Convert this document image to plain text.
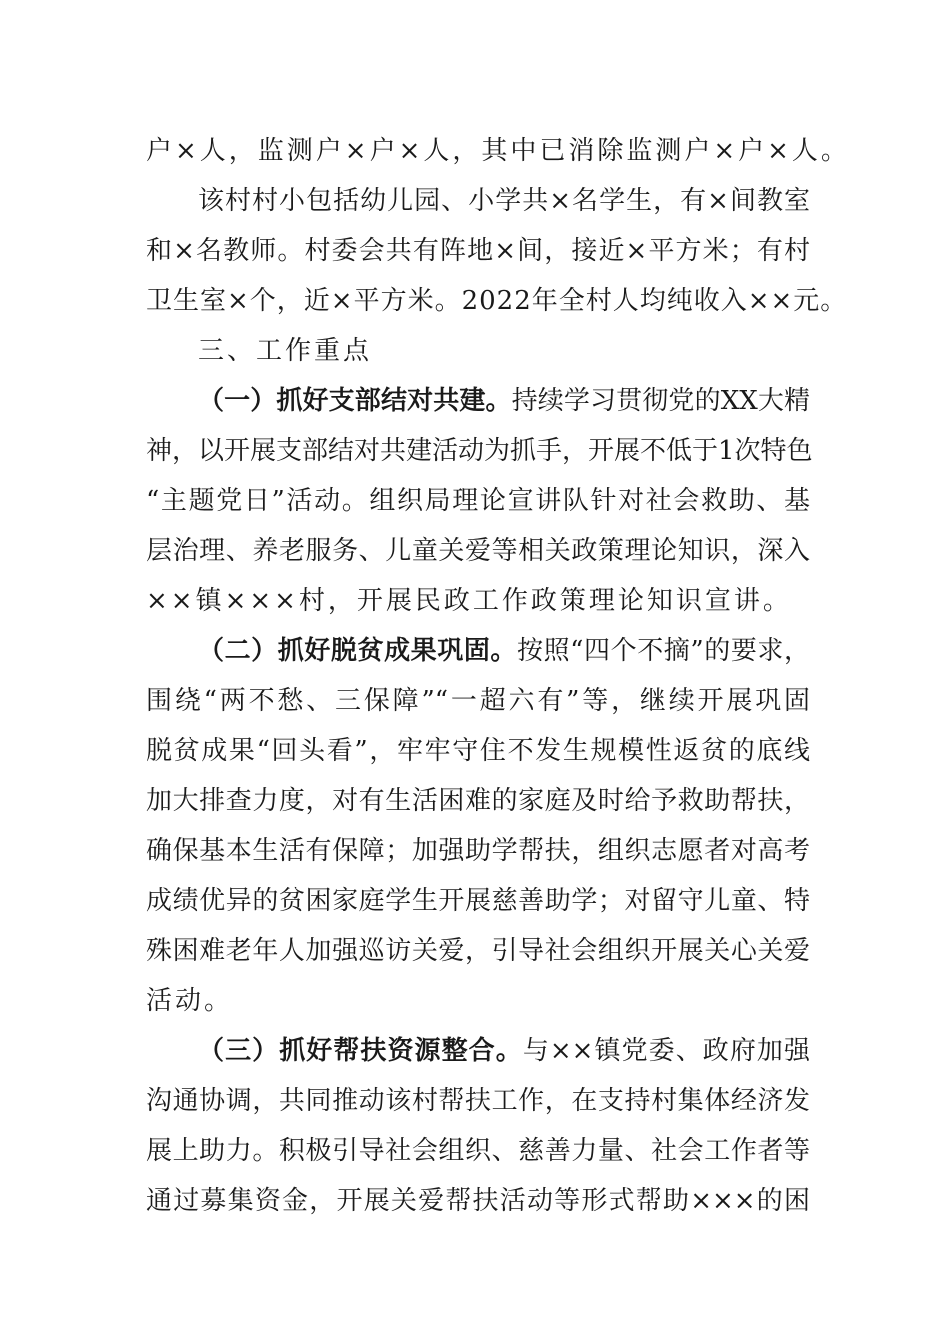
户×人，监测户×户×人，其中已消除监测户×户×人。
该村村小包括幼儿园、小学共×名学生，有×间教室
和×名教师。村委会共有阵地×间，接近×平方米；有村
卫生室×个，近×平方米。2022年全村人均纯收入××元。
三、工作重点
（一）抓好支部结对共建。持续学习贯彻党的XX大精
神，以开展支部结对共建活动为抓手，开展不低于1次特色
“主题党日”活动。组织局理论宣讲队针对社会救助、基
层治理、养老服务、儿童关爱等相关政策理论知识，深入
××镇×××村，开展民政工作政策理论知识宣讲。
（二）抓好脱贫成果巩固。按照“四个不摘”的要求，
围绕“两不愁、三保障”“一超六有”等，继续开展巩固
脱贫成果“回头看”，牢牢守住不发生规模性返贫的底线
加大排查力度，对有生活困难的家庭及时给予救助帮扶，
确保基本生活有保障；加强助学帮扶，组织志愿者对高考
成绩优异的贫困家庭学生开展慈善助学；对留守儿童、特
殊困难老年人加强巡访关爱，引导社会组织开展关心关爱
活动。
（三）抓好帮扶资源整合。与××镇党委、政府加强
沟通协调，共同推动该村帮扶工作，在支持村集体经济发
展上助力。积极引导社会组织、慈善力量、社会工作者等
通过募集资金，开展关爱帮扶活动等形式帮助×××的困
